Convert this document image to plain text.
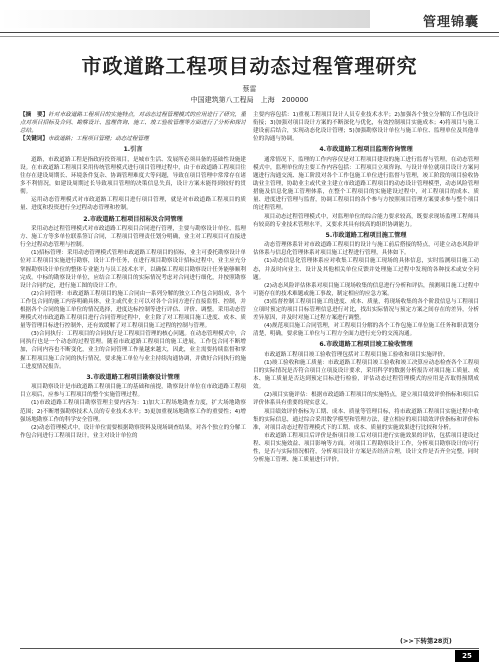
管理锦囊
市政道路工程项目动态过程管理研究
蔡雷
中国建筑第八工程局　上海　200000

【摘　要】针对市政道路工程项目的实施特点，对动态过程管理模式的应用进行了研究，重点对项目招标及合同、勘察设计、监理咨询、施工、竣工验收管理等方面进行了分析和探讨总结。

【关键词】市政道路；工程项目管理；动态过程管理

1.引言

道路，市政道路工程是指政府投资项目，是城市生活、发展所必须具备的基础性设施建设。在市政道路工程项目采用传统管理模式进行项目管理过程中，由于市政道路工程项目往往存在建设周期长、环境条件复杂、协调管理难度大等问题，导致在项目管理中常常存在诸多不利情况，如建设周期过长导致项目管理的决策信息失真，设计方案未能得到较好的贯彻。

运用动态管理模式对市政道路工程项目进行项目管理，就是对市政道路工程项目的质量、进度和投资进行全过程动态管理和控制。

2.市政道路工程项目招标及合同管理

采用动态过程管理模式对市政道路工程项目合同进行管理，主要与勘察设计单位、监理方、施工方等多单位联系签订合同，工程项目管理责任划分明确，业主对工程项目可直接进行全过程动态管理与控制。

(1)招标管理：采用动态管理模式管理市政道路工程项目的招标，业主可委托勘察设计单位对工程项目实施进行勘察，设计工作任务，在进行项目勘察设计招标过程中，业主应充分掌握勘察设计单位的整体专业能力与员工技术水平，以确保工程项目勘察设计任务能够顺利完成。中标的勘察设计单位，应结合工程项目的实际情况考虑对合同进行细化，并按照勘察设计合同约定，进行施工图的设计工作。

(2)合同管理：市政道路工程项目的施工合同由一系列分解的独立工作包合同组成，各个工作包合同的施工内容明确具体，业主或代业主可以对各个合同方进行直接监督、控制，并根据各个合同的施工单位的情况选择，进度达标控制等进行评估、评价、调整。采用动态管理模式对市政道路工程项目进行合同管理过程中，业主除了对工程项目施工进度、成本、质量等管理目标进行控制外，还有效缓解了对工程项目施工过程的控制与管理。

(3)合同执行：工程项目的合同执行是工程项目管理的核心问题。在动态管理模式中，合同执行也是一个动态的过程管理。随着市政道路工程项目的施工进展，工作包合同不断增加，合同内容也不断变化，业主的合同管理工作量越来越大，因此，业主需要持续监督和掌握工程项目施工合同的执行情况，要求施工单位与业主持续沟通协调，并做好合同执行的施工进度情况报告。

3.市政道路工程项目勘察设计管理

项目勘察设计是市政道路工程项目施工的基础和前提，勘察设计单位在市政道路工程项目立项后，应参与工程项目的整个实施管理过程。

(1)市政道路工程项目勘察管理主要内容为：1)加大工程场地勘查力度，扩大场地勘察范围；2)不断增强勘察技术人员的专业技术水平；3)更加重视场地勘察工作的重要性；4)增强场地勘察工作的科学安全管理。

(2)动态管理模式中，设计单位需要根据勘察资料及现场调查结果，对各个独立的分解工作包合同进行工程项目设计，业主对设计单位的

主要内容包括：1)重视工程项目设计人员专业技术水平；2)加强各个独立分解的工作包设计衔接；3)加强对项目设计方案的不断深化与优化，有效控制项目实施成本；4)将项目与施工建设前后结合，实现动态化设计管理；5)加强勘察设计单位与施工单位、监理单位及其他单位的沟通与协调。

4.市政道路工程项目监理咨询管理

通常情况下，监理的工作内容仅是对工程项目建设的施工进行监督与管理，在动态管理模式中，监理单位的主要工作内容包括：工程项目立项咨询、与设计单位就项目设计方案问题进行沟通交流、施工阶段对各个工作包施工单位进行监督与管理，竣工阶段的项目验收协助业主管理，协助业主或代业主建立市政道路工程项目的动态设计管理模型，动态风险管理措施及信息化施工管理体系，在整个工程项目的实施建设过程中，对工程项目的成本、质量、进度进行管理与监督，协调工程项目的各个参与方按照项目管理方案要求参与整个项目的过程管理。

项目动态过程管理模式中，对监理单位的综合能力要求较高，既要求现场监理工程师具有较高的专业技术管理水平，又要求其具有较高的组织协调能力。

5.市政道路工程项目施工管理

动态管理体系针对市政道路工程项目的设计与施工前后搭接的特点，可建立动态风险评估体系与信息化管理体系对项目施工过程进行管理，具体如下。

(1)动态信息化管理体系应对收集工程项目施工现场的具体信息，实时监测项目施工动态，并及时向业主、设计及其他相关单位反馈并处理施工过程中发现的各种技术或安全问题。

(2)动态风险评估体系对项目施工现场收集的信息进行分析和评估，预测项目施工过程中可能存在的技术难题或施工事故，制定相应的应急方案。

(3)监督控制工程项目施工的进度、成本、质量，将现场收集的各个阶段信息与工程项目立项时预定的项目目标管理信息进行对比，找出实际情况与预定方案之间存在的差异，分析差异原因，并及时对施工过程方案进行调整。

(4)规范项目施工合同管理，对工程项目分解的各个工作包施工单位施工任务和职责划分清楚，明确，要求施工单位与工程方全面力进行充分的交流沟通。

6.市政道路工程项目竣工验收管理

市政道路工程项目竣工验收管理包括对工程项目施工验收和项目实施评价。

(1)竣工验收和施工质量：市政道路工程项目竣工验收和竣工决算应动态检查各个工程项目的实际情况是否符合项目立项及设计要求，采用科学的数据分析报告对项目施工质量、成本、施工质量是否达到预定目标进行检验，评估动态过程管理模式的应用是否取得预期成效。

(2)项目实施评估：根据市政道路工程项目的实施特点，建立项目绩效评价指标和项目后评价体系具有重要的现实意义。

项目绩效评价指标为工期、成本、质量等管理目标，将市政道路工程项目实施过程中收集的实际信息，通过综合采用数学模型和管理方法，建立相应的项目绩效评价指标和评价标准，对项目动态过程管理模式下的工期、成本、质量的实施效果进行比较和分析。

市政道路工程项目后评价是指项目竣工后对项目进行实施效果的评估，包括项目建设过程、项目实施效益、项目影响等方面。对项目工程勘察设计工作，分析项目勘察设计的可行性，是否与实际情况相符，分析项目设计方案是否经济合理，设计文件是否齐全完整，同时分析施工管理、施工质量进行评价。

(>>下转第28页)
25
